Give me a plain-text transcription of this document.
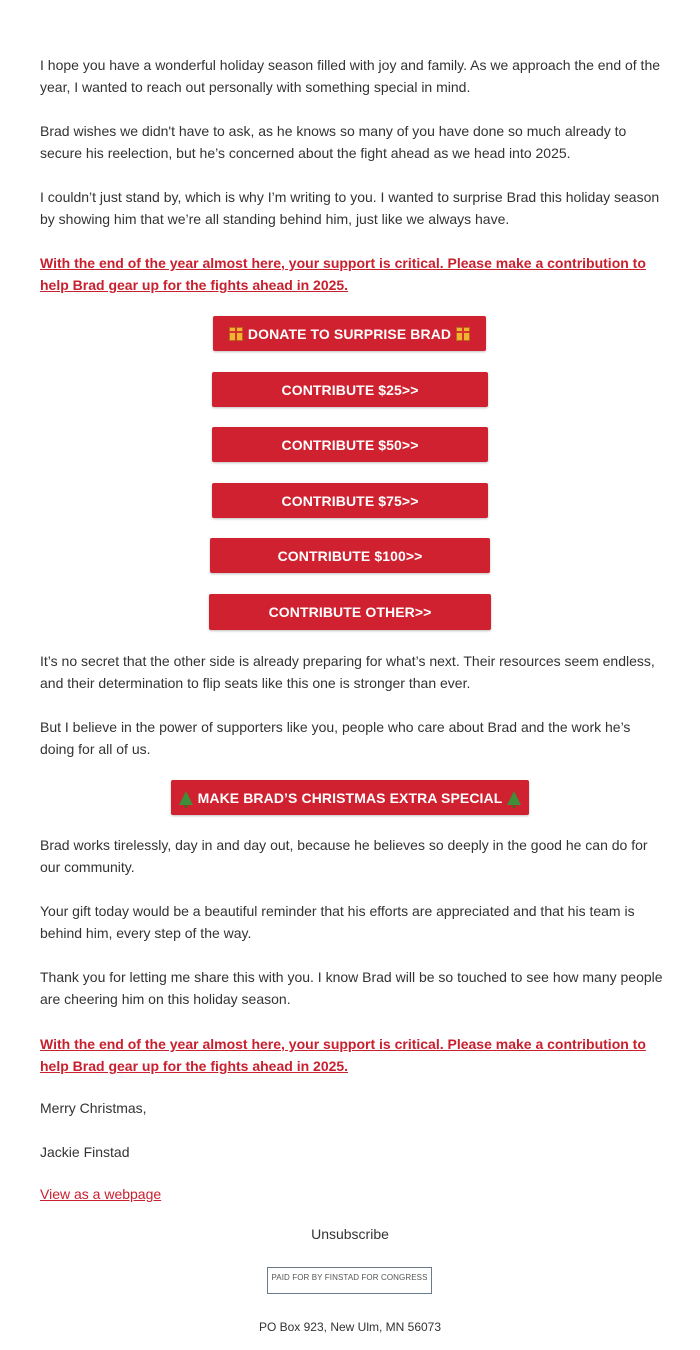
I hope you have a wonderful holiday season filled with joy and family. As we approach the end of the year, I wanted to reach out personally with something special in mind.

Brad wishes we didn't have to ask, as he knows so many of you have done so much already to secure his reelection, but he’s concerned about the fight ahead as we head into 2025.

I couldn’t just stand by, which is why I’m writing to you. I wanted to surprise Brad this holiday season by showing him that we’re all standing behind him, just like we always have.

With the end of the year almost here, your support is critical. Please make a contribution to help Brad gear up for the fights ahead in 2025.
DONATE TO SURPRISE BRAD
CONTRIBUTE $25>>
CONTRIBUTE $50>>
CONTRIBUTE $75>>
CONTRIBUTE $100>>
CONTRIBUTE OTHER>>

It’s no secret that the other side is already preparing for what’s next. Their resources seem endless, and their determination to flip seats like this one is stronger than ever.

But I believe in the power of supporters like you, people who care about Brad and the work he’s doing for all of us.

MAKE BRAD’S CHRISTMAS EXTRA SPECIAL

Brad works tirelessly, day in and day out, because he believes so deeply in the good he can do for our community.

Your gift today would be a beautiful reminder that his efforts are appreciated and that his team is behind him, every step of the way.

Thank you for letting me share this with you. I know Brad will be so touched to see how many people are cheering him on this holiday season.

With the end of the year almost here, your support is critical. Please make a contribution to help Brad gear up for the fights ahead in 2025.

Merry Christmas,

Jackie Finstad

View as a webpage
Unsubscribe
PAID FOR BY FINSTAD FOR CONGRESS

PO Box 923, New Ulm, MN 56073
